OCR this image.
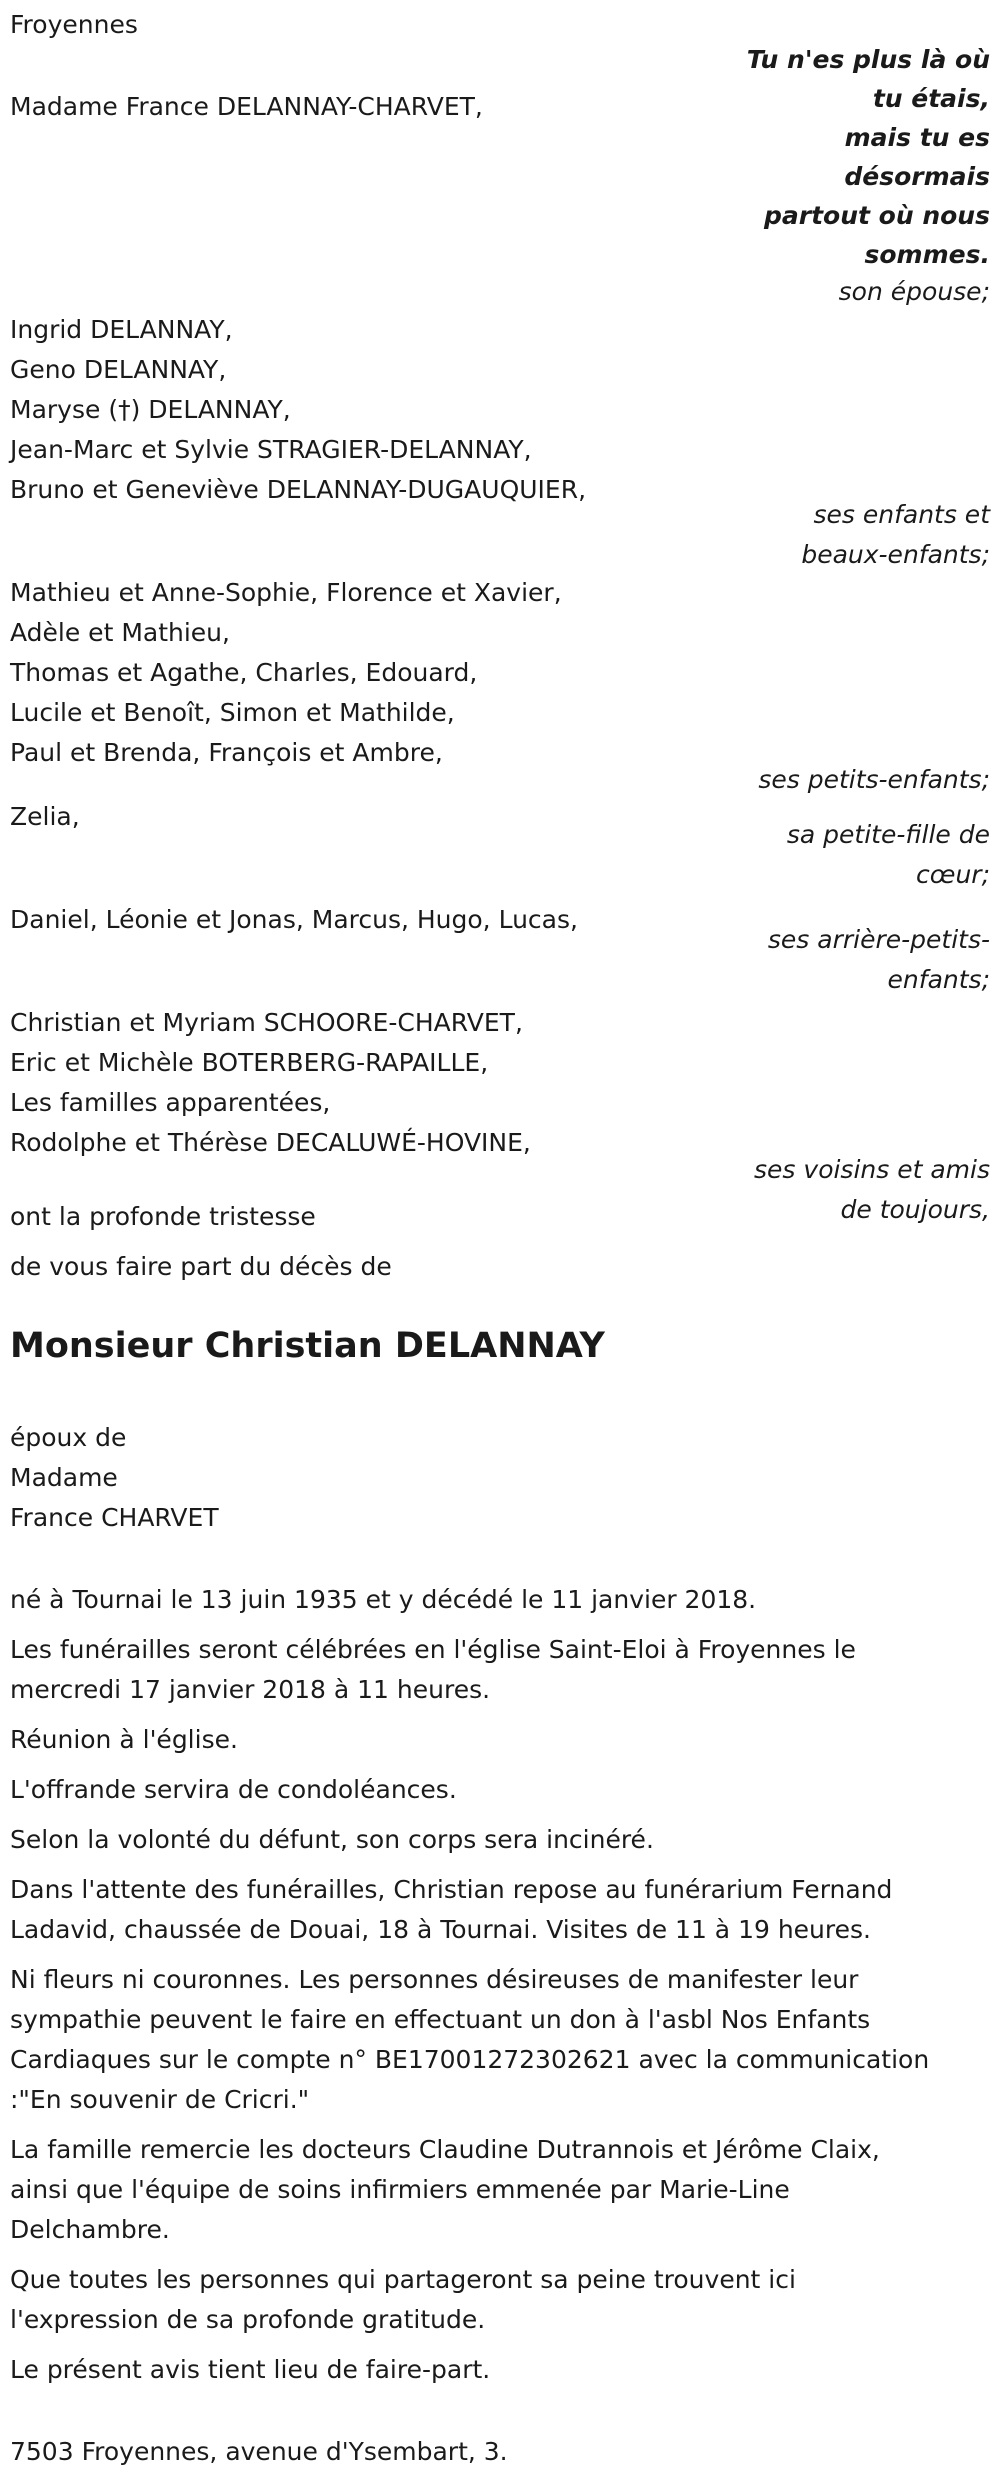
Froyennes
Tu n'es plus là où
tu étais,
mais tu es
désormais
partout où nous
sommes.
Madame France DELANNAY-CHARVET,
son épouse;
Ingrid DELANNAY,
Geno DELANNAY,
Maryse (†) DELANNAY,
Jean-Marc et Sylvie STRAGIER-DELANNAY,
Bruno et Geneviève DELANNAY-DUGAUQUIER,
ses enfants et
beaux-enfants;
Mathieu et Anne-Sophie, Florence et Xavier,
Adèle et Mathieu,
Thomas et Agathe, Charles, Edouard,
Lucile et Benoît, Simon et Mathilde,
Paul et Brenda, François et Ambre,
ses petits-enfants;
Zelia,
sa petite-fille de
cœur;
Daniel, Léonie et Jonas, Marcus, Hugo, Lucas,
ses arrière-petits-
enfants;
Christian et Myriam SCHOORE-CHARVET,
Eric et Michèle BOTERBERG-RAPAILLE,
Les familles apparentées,
Rodolphe et Thérèse DECALUWÉ-HOVINE,
ses voisins et amis
de toujours,
ont la profonde tristesse
de vous faire part du décès de
Monsieur Christian DELANNAY
époux de
Madame
France CHARVET
né à Tournai le 13 juin 1935 et y décédé le 11 janvier 2018.
Les funérailles seront célébrées en l'église Saint-Eloi à Froyennes le
mercredi 17 janvier 2018 à 11 heures.
Réunion à l'église.
L'offrande servira de condoléances.
Selon la volonté du défunt, son corps sera incinéré.
Dans l'attente des funérailles, Christian repose au funérarium Fernand
Ladavid, chaussée de Douai, 18 à Tournai. Visites de 11 à 19 heures.
Ni fleurs ni couronnes. Les personnes désireuses de manifester leur
sympathie peuvent le faire en effectuant un don à l'asbl Nos Enfants
Cardiaques sur le compte n° BE17001272302621 avec la communication
:"En souvenir de Cricri."
La famille remercie les docteurs Claudine Dutrannois et Jérôme Claix,
ainsi que l'équipe de soins infirmiers emmenée par Marie-Line
Delchambre.
Que toutes les personnes qui partageront sa peine trouvent ici
l'expression de sa profonde gratitude.
Le présent avis tient lieu de faire-part.
7503 Froyennes, avenue d'Ysembart, 3.
